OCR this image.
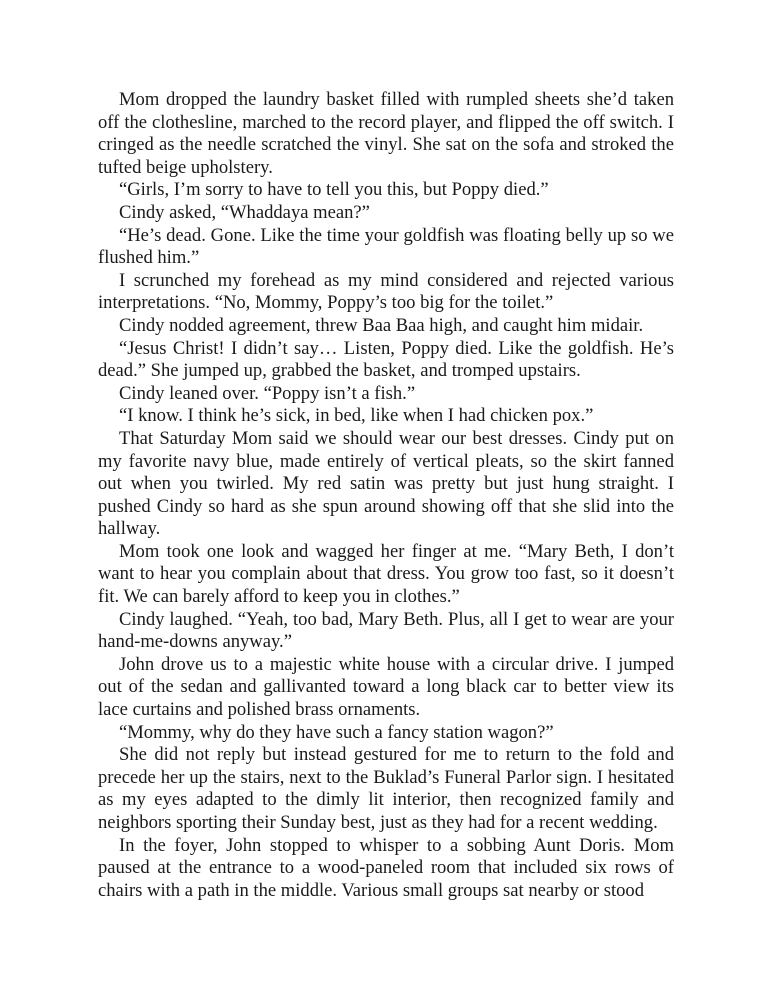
Mom dropped the laundry basket filled with rumpled sheets she’d taken off the clothesline, marched to the record player, and flipped the off switch. I cringed as the needle scratched the vinyl. She sat on the sofa and stroked the tufted beige upholstery.

“Girls, I’m sorry to have to tell you this, but Poppy died.”

Cindy asked, “Whaddaya mean?”

“He’s dead. Gone. Like the time your goldfish was floating belly up so we flushed him.”

I scrunched my forehead as my mind considered and rejected various interpretations. “No, Mommy, Poppy’s too big for the toilet.”

Cindy nodded agreement, threw Baa Baa high, and caught him midair.

“Jesus Christ! I didn’t say… Listen, Poppy died. Like the goldfish. He’s dead.” She jumped up, grabbed the basket, and tromped upstairs.

Cindy leaned over. “Poppy isn’t a fish.”

“I know. I think he’s sick, in bed, like when I had chicken pox.”

That Saturday Mom said we should wear our best dresses. Cindy put on my favorite navy blue, made entirely of vertical pleats, so the skirt fanned out when you twirled. My red satin was pretty but just hung straight. I pushed Cindy so hard as she spun around showing off that she slid into the hallway.

Mom took one look and wagged her finger at me. “Mary Beth, I don’t want to hear you complain about that dress. You grow too fast, so it doesn’t fit. We can barely afford to keep you in clothes.”

Cindy laughed. “Yeah, too bad, Mary Beth. Plus, all I get to wear are your hand-me-downs anyway.”

John drove us to a majestic white house with a circular drive. I jumped out of the sedan and gallivanted toward a long black car to better view its lace curtains and polished brass ornaments.

“Mommy, why do they have such a fancy station wagon?”

She did not reply but instead gestured for me to return to the fold and precede her up the stairs, next to the Buklad’s Funeral Parlor sign. I hesitated as my eyes adapted to the dimly lit interior, then recognized family and neighbors sporting their Sunday best, just as they had for a recent wedding.

In the foyer, John stopped to whisper to a sobbing Aunt Doris. Mom paused at the entrance to a wood-paneled room that included six rows of chairs with a path in the middle. Various small groups sat nearby or stood
